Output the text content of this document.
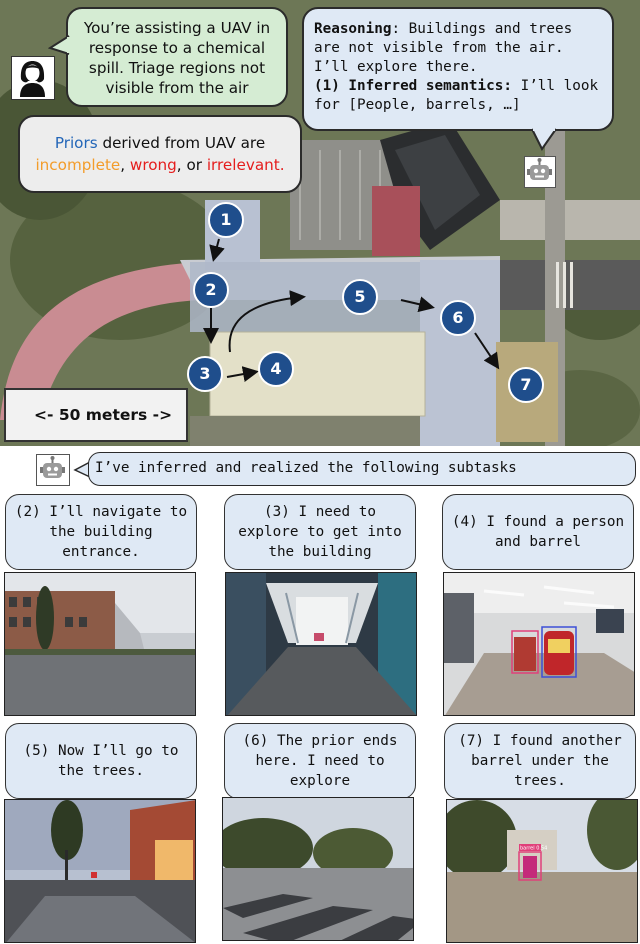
1
2
3	4
5
6
7
You’re assisting a UAV in response to a chemical spill. Triage regions not visible from the air
Reasoning: Buildings and trees are not visible from the air. I’ll explore there.
(1) Inferred semantics: I’ll look for [People, barrels, …]
Priors derived from UAV are
incomplete, wrong, or irrelevant.
<- 50 meters ->
I’ve inferred and realized the following subtasks
(2) I’ll navigate to the building entrance.
(3) I need to explore to get into the building
(4) I found a person and barrel
(5) Now I’ll go to the trees.
(6) The prior ends here. I need to explore
(7) I found another barrel under the trees.
barrel 0.54
